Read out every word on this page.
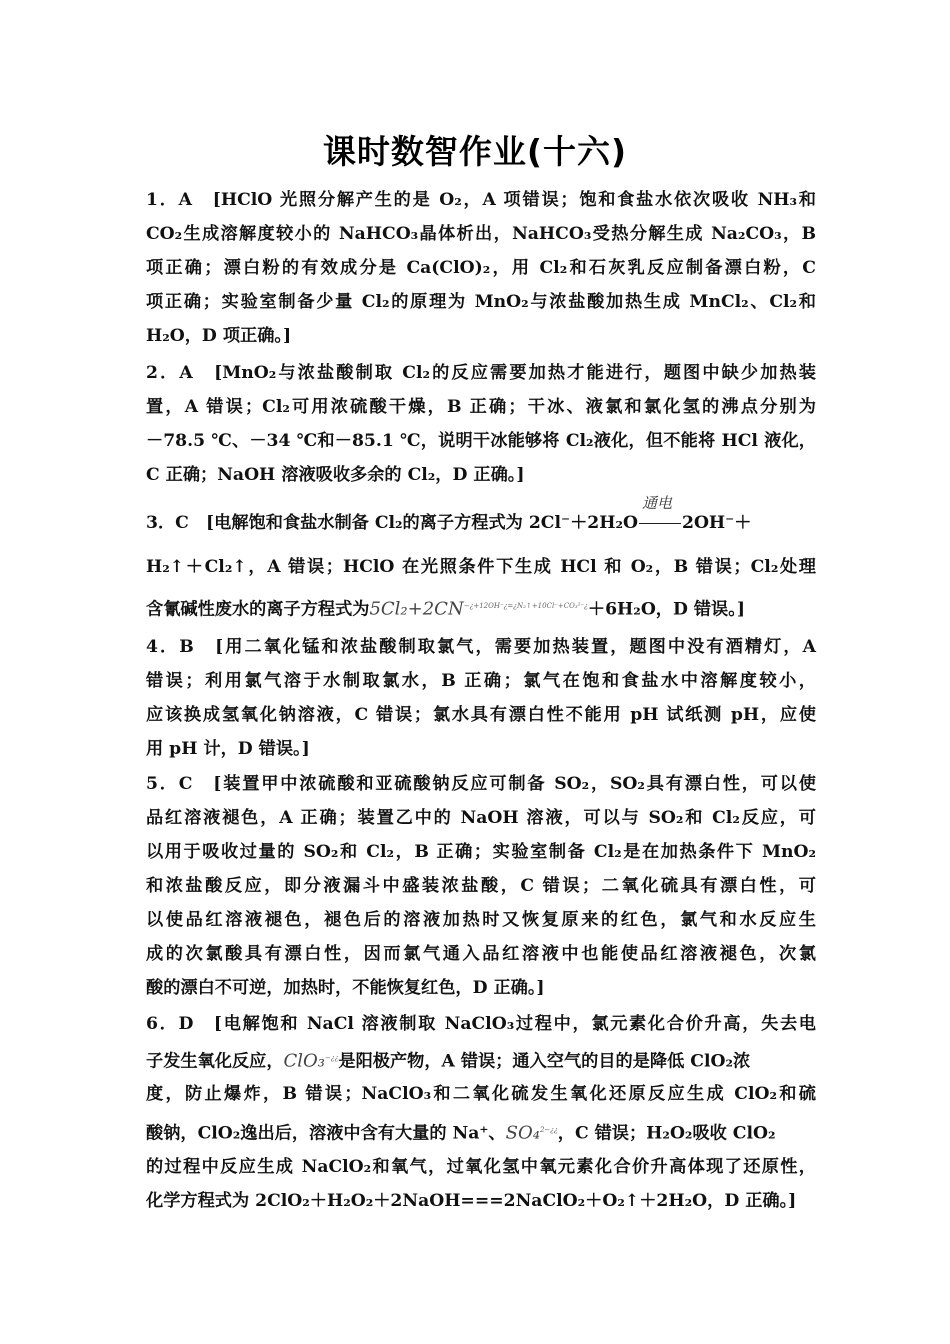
课时数智作业(十六)
1．A　[HClO 光照分解产生的是 O₂，A 项错误；饱和食盐水依次吸收 NH₃和
CO₂生成溶解度较小的 NaHCO₃晶体析出，NaHCO₃受热分解生成 Na₂CO₃，B
项正确；漂白粉的有效成分是 Ca(ClO)₂，用 Cl₂和石灰乳反应制备漂白粉，C
项正确；实验室制备少量 Cl₂的原理为 MnO₂与浓盐酸加热生成 MnCl₂、Cl₂和
H₂O，D 项正确。]
2．A　[MnO₂与浓盐酸制取 Cl₂的反应需要加热才能进行，题图中缺少加热装
置，A 错误；Cl₂可用浓硫酸干燥，B 正确；干冰、液氯和氯化氢的沸点分别为
－78.5 ℃、－34 ℃和－85.1 ℃，说明干冰能够将 Cl₂液化，但不能将 HCl 液化，
C 正确；NaOH 溶液吸收多余的 Cl₂，D 正确。]
3．C　[电解饱和食盐水制备 Cl₂的离子方程式为 2Cl⁻＋2H₂O
通电
2OH⁻＋
H₂↑＋Cl₂↑，A 错误；HClO 在光照条件下生成 HCl 和 O₂，B 错误；Cl₂处理
含氰碱性废水的离子方程式为$5Cl_2+2CN^{-¿+12OH^-¿=¿N_2↑+10Cl^-+CO_3^{2-}¿}+6H_2O$，D 错误。]
4．B　[用二氧化锰和浓盐酸制取氯气，需要加热装置，题图中没有酒精灯，A
错误；利用氯气溶于水制取氯水，B 正确；氯气在饱和食盐水中溶解度较小，
应该换成氢氧化钠溶液，C 错误；氯水具有漂白性不能用 pH 试纸测 pH，应使
用 pH 计，D 错误。]
5．C　[装置甲中浓硫酸和亚硫酸钠反应可制备 SO₂，SO₂具有漂白性，可以使
品红溶液褪色，A 正确；装置乙中的 NaOH 溶液，可以与 SO₂和 Cl₂反应，可
以用于吸收过量的 SO₂和 Cl₂，B 正确；实验室制备 Cl₂是在加热条件下 MnO₂
和浓盐酸反应，即分液漏斗中盛装浓盐酸，C 错误；二氧化硫具有漂白性，可
以使品红溶液褪色，褪色后的溶液加热时又恢复原来的红色，氯气和水反应生
成的次氯酸具有漂白性，因而氯气通入品红溶液中也能使品红溶液褪色，次氯
酸的漂白不可逆，加热时，不能恢复红色，D 正确。]
6．D　[电解饱和 NaCl 溶液制取 NaClO₃过程中，氯元素化合价升高，失去电
子发生氧化反应，ClO₃−¿¿是阳极产物，A 错误；通入空气的目的是降低 ClO₂浓
度，防止爆炸，B 错误；NaClO₃和二氧化硫发生氧化还原反应生成 ClO₂和硫
酸钠，ClO₂逸出后，溶液中含有大量的 Na⁺、SO₄$^{2-¿¿}$，C 错误；H₂O₂吸收 ClO₂
的过程中反应生成 NaClO₂和氧气，过氧化氢中氧元素化合价升高体现了还原性，
化学方程式为 2ClO₂＋H₂O₂＋2NaOH===2NaClO₂＋O₂↑＋2H₂O，D 正确。]
